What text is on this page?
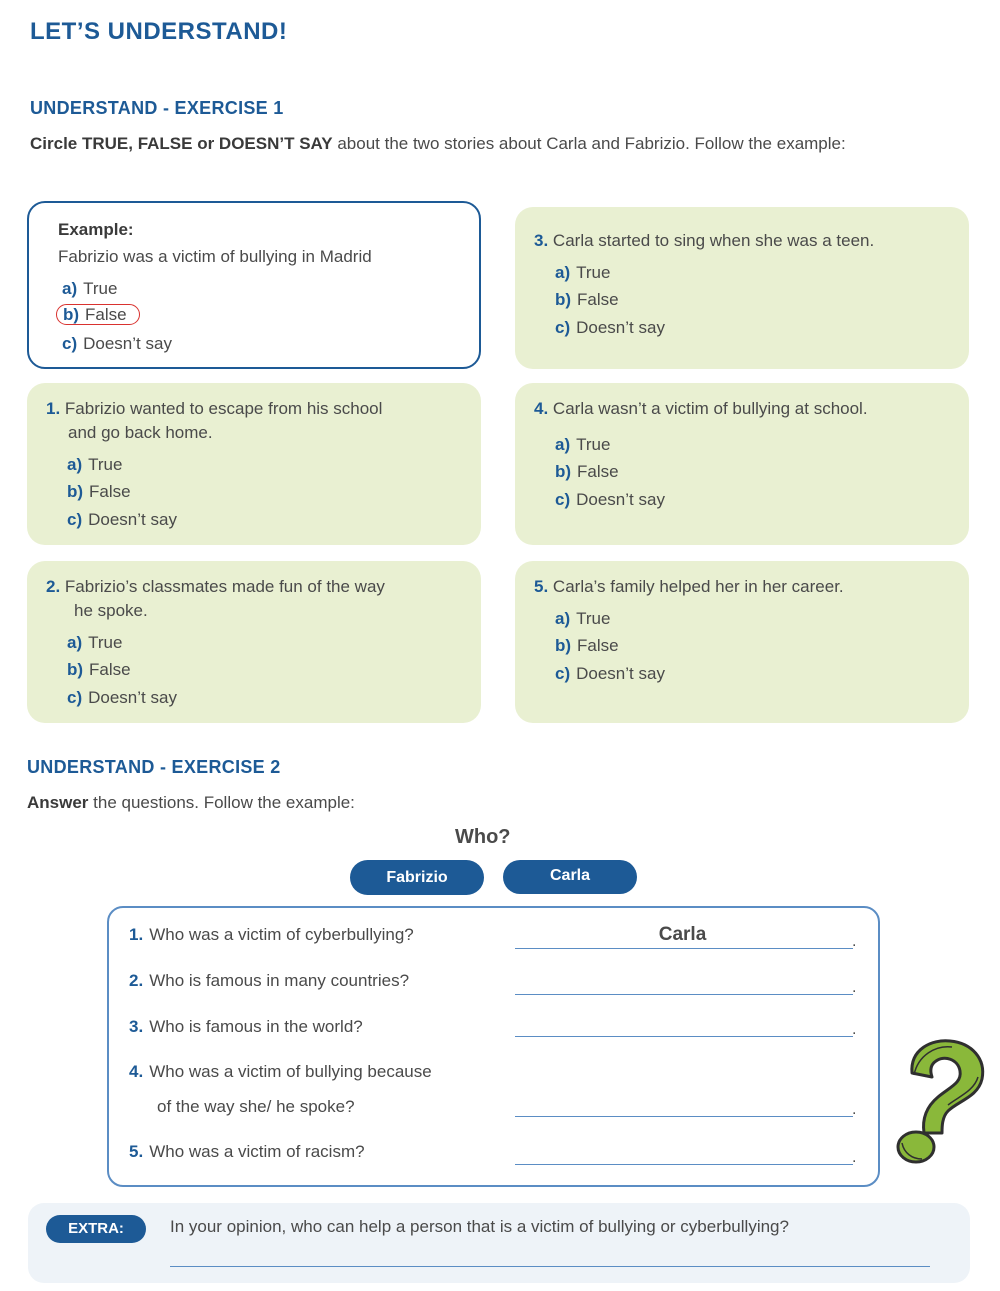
LET’S UNDERSTAND!
UNDERSTAND - EXERCISE 1
Circle TRUE, FALSE or DOESN’T SAY about the two stories about Carla and Fabrizio. Follow the example:
Example:
Fabrizio was a victim of bullying in Madrid
a) True
b) False
c) Doesn’t say
1. Fabrizio wanted to escape from his school
and go back home.
a) True
b) False
c) Doesn’t say
2. Fabrizio’s classmates made fun of the way
he spoke.
a) True
b) False
c) Doesn’t say
3. Carla started to sing when she was a teen.
a) True
b) False
c) Doesn’t say
4. Carla wasn’t a victim of bullying at school.
a) True
b) False
c) Doesn’t say
5. Carla’s family helped her in her career.
a) True
b) False
c) Doesn’t say
UNDERSTAND - EXERCISE 2
Answer the questions. Follow the example:
Who?
Fabrizio	Carla
1. Who was a victim of cyberbullying?	Carla	.
2. Who is famous in many countries?	.
3. Who is famous in the world?	.
4. Who was a victim of bullying because
of the way she/ he spoke?	.
5. Who was a victim of racism?	.
EXTRA:	In your opinion, who can help a person that is a victim of bullying or cyberbullying?
